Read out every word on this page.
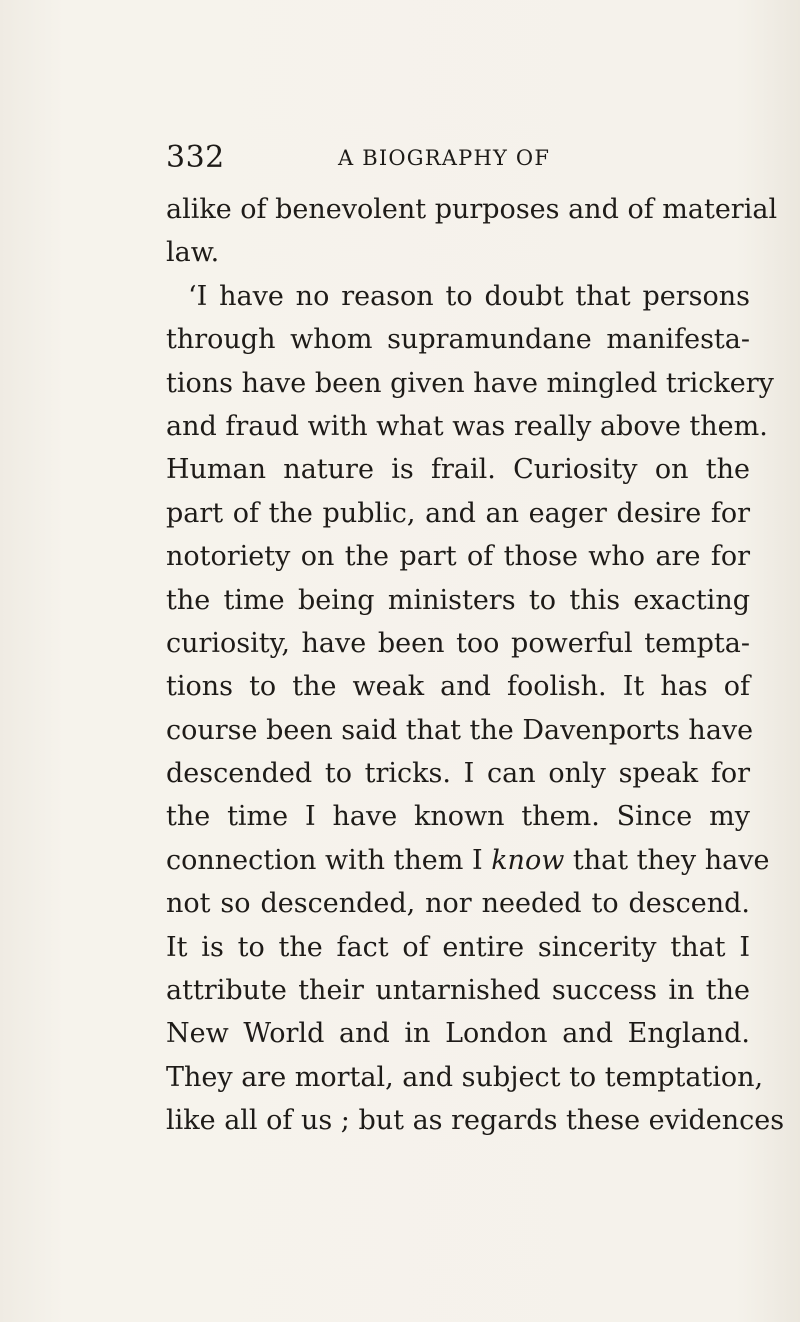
332	A BIOGRAPHY OF
alike of benevolent purposes and of material
law.
‘I have no reason to doubt that persons
through whom supramundane manifesta-
tions have been given have mingled trickery
and fraud with what was really above them.
Human nature is frail. Curiosity on the
part of the public, and an eager desire for
notoriety on the part of those who are for
the time being ministers to this exacting
curiosity, have been too powerful tempta-
tions to the weak and foolish. It has of
course been said that the Davenports have
descended to tricks. I can only speak for
the time I have known them. Since my
connection with them I know that they have
not so descended, nor needed to descend.
It is to the fact of entire sincerity that I
attribute their untarnished success in the
New World and in London and England.
They are mortal, and subject to temptation,
like all of us ; but as regards these evidences
